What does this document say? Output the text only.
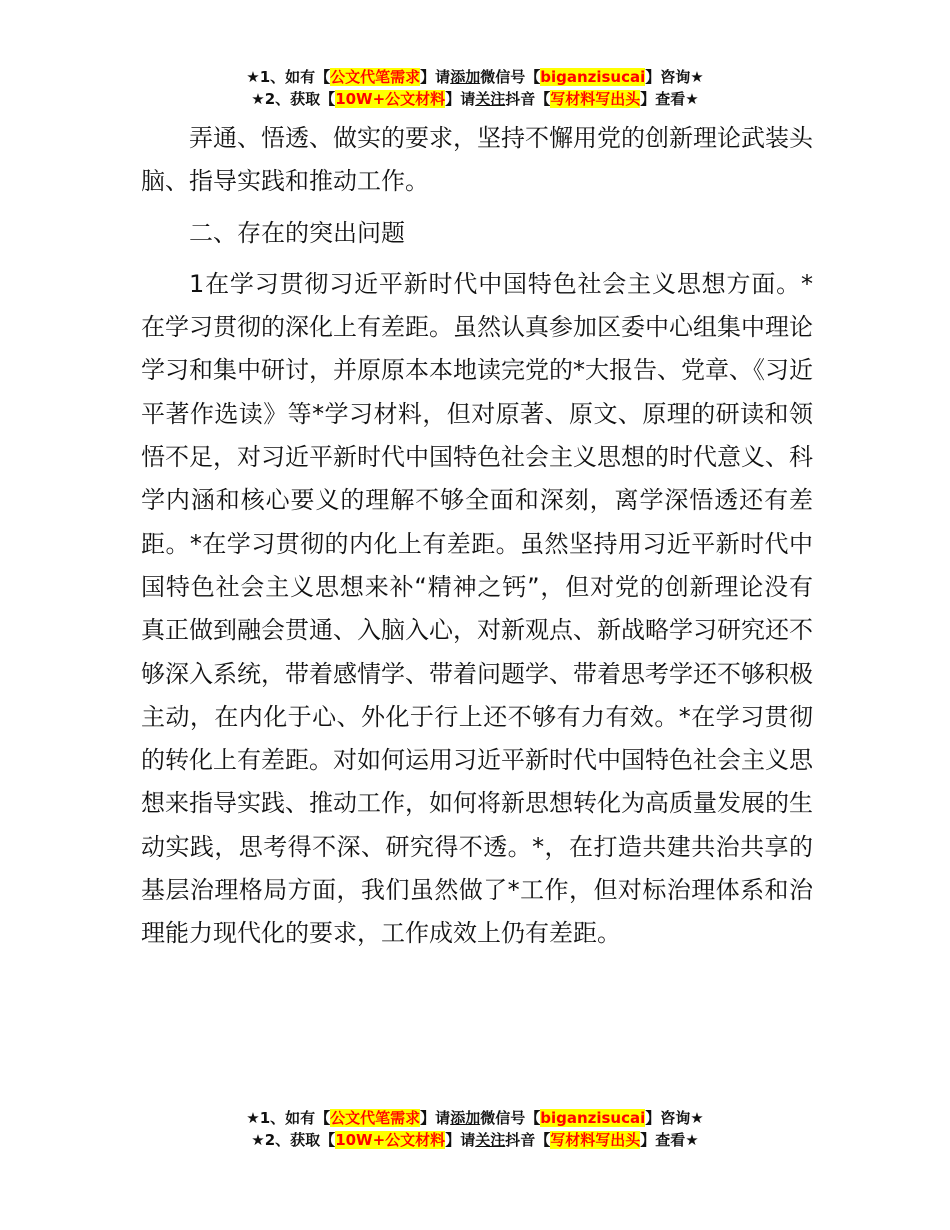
★1、如有【公文代笔需求】请添加微信号【biganzisucai】咨询★
★2、获取【10W+公文材料】请关注抖音【写材料写出头】查看★

弄通、悟透、做实的要求，坚持不懈用党的创新理论武装头脑、指导实践和推动工作。

二、存在的突出问题

1在学习贯彻习近平新时代中国特色社会主义思想方面。*在学习贯彻的深化上有差距。虽然认真参加区委中心组集中理论学习和集中研讨，并原原本本地读完党的*大报告、党章、《习近平著作选读》等*学习材料，但对原著、原文、原理的研读和领悟不足，对习近平新时代中国特色社会主义思想的时代意义、科学内涵和核心要义的理解不够全面和深刻，离学深悟透还有差距。*在学习贯彻的内化上有差距。虽然坚持用习近平新时代中国特色社会主义思想来补“精神之钙”，但对党的创新理论没有真正做到融会贯通、入脑入心，对新观点、新战略学习研究还不够深入系统，带着感情学、带着问题学、带着思考学还不够积极主动，在内化于心、外化于行上还不够有力有效。*在学习贯彻的转化上有差距。对如何运用习近平新时代中国特色社会主义思想来指导实践、推动工作，如何将新思想转化为高质量发展的生动实践，思考得不深、研究得不透。*，在打造共建共治共享的基层治理格局方面，我们虽然做了*工作，但对标治理体系和治理能力现代化的要求，工作成效上仍有差距。

★1、如有【公文代笔需求】请添加微信号【biganzisucai】咨询★
★2、获取【10W+公文材料】请关注抖音【写材料写出头】查看★
